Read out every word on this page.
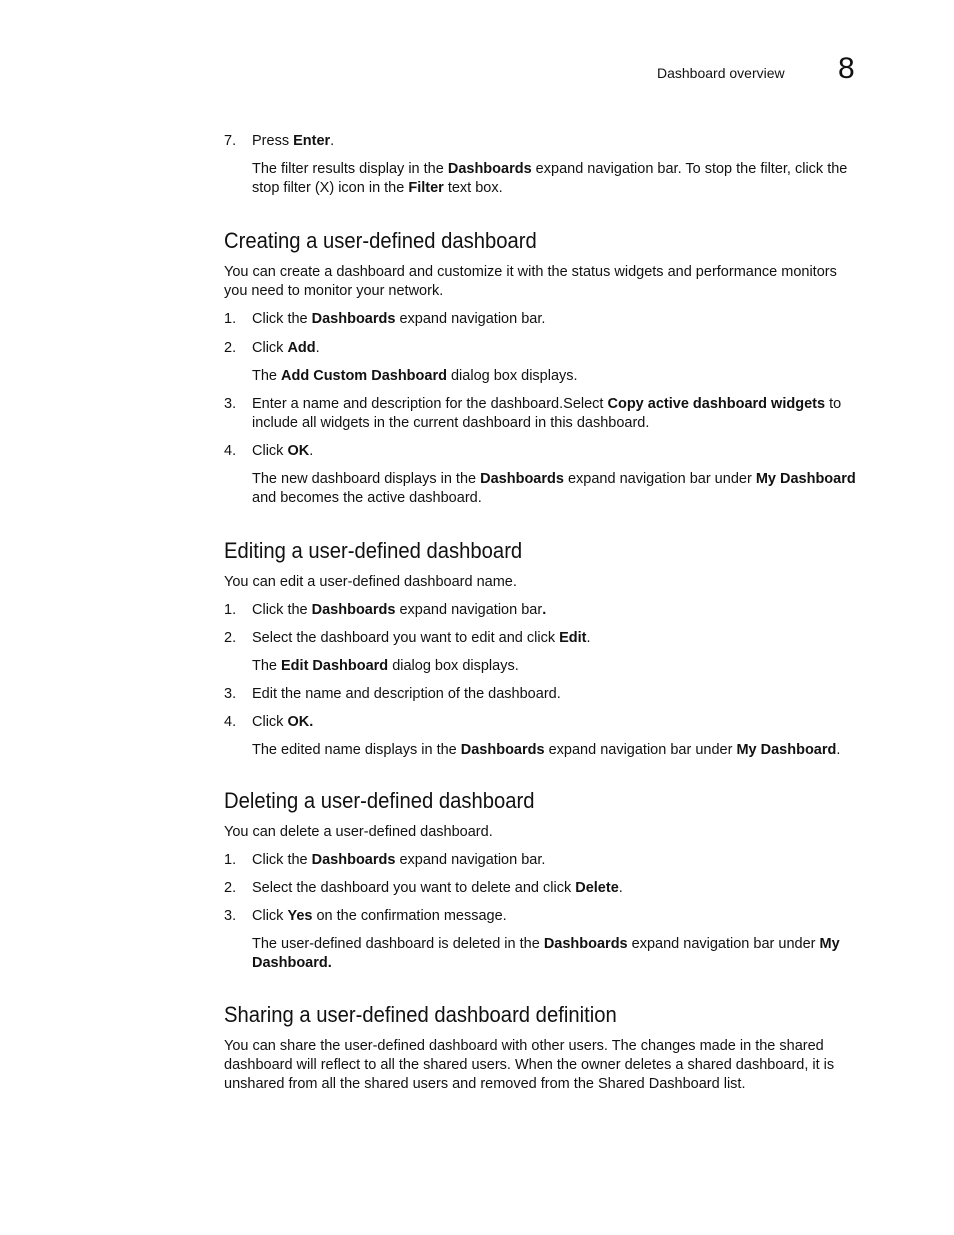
Dashboard overview 8
7.	Press Enter.

The filter results display in the Dashboards expand navigation bar. To stop the filter, click the stop filter (X) icon in the Filter text box.

Creating a user-defined dashboard

You can create a dashboard and customize it with the status widgets and performance monitors you need to monitor your network.

1.	Click the Dashboards expand navigation bar.

2.	Click Add.

The Add Custom Dashboard dialog box displays.

3.	Enter a name and description for the dashboard.Select Copy active dashboard widgets to include all widgets in the current dashboard in this dashboard.

4.	Click OK.

The new dashboard displays in the Dashboards expand navigation bar under My Dashboard and becomes the active dashboard.

Editing a user-defined dashboard

You can edit a user-defined dashboard name.

1.	Click the Dashboards expand navigation bar.

2.	Select the dashboard you want to edit and click Edit.

The Edit Dashboard dialog box displays.

3.	Edit the name and description of the dashboard.

4.	Click OK.

The edited name displays in the Dashboards expand navigation bar under My Dashboard.

Deleting a user-defined dashboard

You can delete a user-defined dashboard.

1.	Click the Dashboards expand navigation bar.

2.	Select the dashboard you want to delete and click Delete.

3.	Click Yes on the confirmation message.

The user-defined dashboard is deleted in the Dashboards expand navigation bar under My Dashboard.

Sharing a user-defined dashboard definition

You can share the user-defined dashboard with other users. The changes made in the shared dashboard will reflect to all the shared users. When the owner deletes a shared dashboard, it is unshared from all the shared users and removed from the Shared Dashboard list.
